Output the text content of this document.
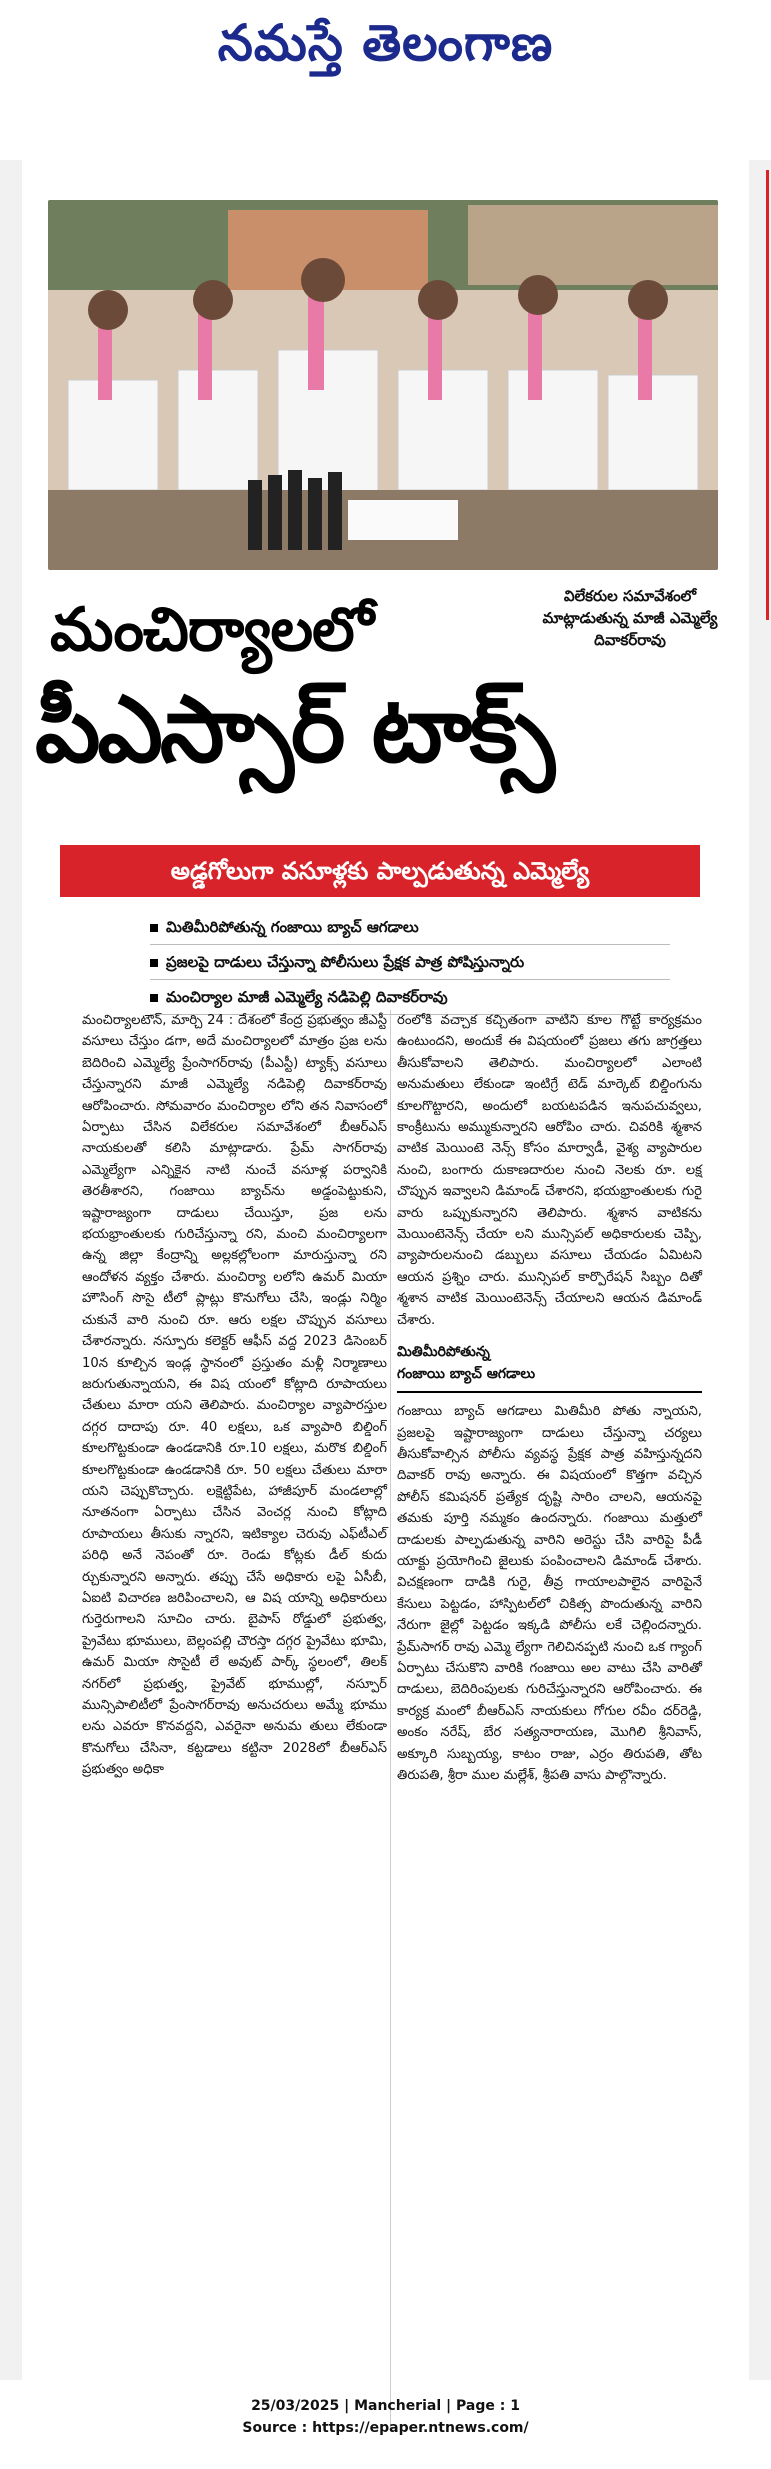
నమస్తే తెలంగాణ
విలేకరుల సమావేశంలో మాట్లాడుతున్న మాజీ ఎమ్మెల్యే దివాకర్‌రావు
మంచిర్యాలలో
పీఎస్సార్ టాక్స్
అడ్డగోలుగా వసూళ్లకు పాల్పడుతున్న ఎమ్మెల్యే
మితిమీరిపోతున్న గంజాయి బ్యాచ్ ఆగడాలు
ప్రజలపై దాడులు చేస్తున్నా పోలీసులు ప్రేక్షక పాత్ర పోషిస్తున్నారు
మంచిర్యాల మాజీ ఎమ్మెల్యే నడిపెల్లి దివాకర్‌రావు

మంచిర్యాలటౌన్, మార్చి 24 : దేశంలో కేంద్ర ప్రభుత్వం జీఎస్టీ వసూలు చేస్తుం డగా, అదే మంచిర్యాలలో మాత్రం ప్రజ లను బెదిరించి ఎమ్మెల్యే ప్రేంసాగర్‌రావు (పీఎస్టీ) ట్యాక్స్ వసూలు చేస్తున్నారని మాజీ ఎమ్మెల్యే నడిపెల్లి దివాకర్‌రావు ఆరోపించారు. సోమవారం మంచిర్యాల లోని తన నివాసంలో ఏర్పాటు చేసిన విలేకరుల సమావేశంలో బీఆర్‌ఎస్ నాయకులతో కలిసి మాట్లాడారు. ప్రేమ్ సాగర్‌రావు ఎమ్మెల్యేగా ఎన్నికైన నాటి నుంచే వసూళ్ల పర్వానికి తెరతీశారని, గంజాయి బ్యాచ్‌ను అడ్డంపెట్టుకుని, ఇష్టారాజ్యంగా దాడులు చేయిస్తూ, ప్రజ లను భయభ్రాంతులకు గురిచేస్తున్నా రని, మంచి మంచిర్యాలగా ఉన్న జిల్లా కేంద్రాన్ని అల్లకల్లోలంగా మారుస్తున్నా రని ఆందోళన వ్యక్తం చేశారు. మంచిర్యా లలోని ఉమర్ మియా హౌసింగ్ సొసై టీలో ప్లాట్లు కొనుగోలు చేసి, ఇండ్లు నిర్మిం చుకునే వారి నుంచి రూ. ఆరు లక్షల చొప్పున వసూలు చేశారన్నారు. నస్పూరు కలెక్టర్ ఆఫీస్ వద్ద 2023 డిసెంబర్ 10న కూల్చిన ఇండ్ల స్థానంలో ప్రస్తుతం మళ్లీ నిర్మాణాలు జరుగుతున్నాయని, ఈ విష యంలో కోట్లాది రూపాయలు చేతులు మారా యని తెలిపారు. మంచిర్యాల వ్యాపారస్తుల దగ్గర దాదాపు రూ. 40 లక్షలు, ఒక వ్యాపారి బిల్డింగ్ కూలగొట్టకుండా ఉండడానికి రూ.10 లక్షలు, మరొక బిల్డింగ్ కూలగొట్టకుండా ఉండడానికి రూ. 50 లక్షలు చేతులు మారా యని చెప్పుకొచ్చారు. లక్షెట్టిపేట, హాజీపూర్ మండలాల్లో నూతనంగా ఏర్పాటు చేసిన వెంచర్ల నుంచి కోట్లాది రూపాయలు తీసుకు న్నారని, ఇటిక్యాల చెరువు ఎఫ్‌టీఎల్ పరిధి అనే నెపంతో రూ. రెండు కోట్లకు డీల్ కుదు ర్చుకున్నారని అన్నారు. తప్పు చేసే అధికారు లపై ఏసీబీ, ఏఐటి విచారణ జరిపించాలని, ఆ విష యాన్ని అధికారులు గుర్తెరుగాలని సూచిం చారు. బైపాస్ రోడ్డులో ప్రభుత్వ, ప్రైవేటు భూములు, బెల్లంపల్లి చౌరస్తా దగ్గర ప్రైవేటు భూమి, ఉమర్ మియా సొసైటీ లే అవుట్ పార్క్ స్థలంలో, తిలక్ నగర్‌లో ప్రభుత్వ, ప్రైవేట్ భూముల్లో, నస్పూర్ మున్సిపాలిటీలో ప్రేంసాగర్‌రావు అనుచరులు అమ్మే భూము లను ఎవరూ కొనవద్దని, ఎవరైనా అనుమ తులు లేకుండా కొనుగోలు చేసినా, కట్టడాలు కట్టినా 2028లో బీఆర్‌ఎస్ ప్రభుత్వం అధికా

రంలోకి వచ్చాక కచ్చితంగా వాటిని కూల గొట్టే కార్యక్రమం ఉంటుందని, అందుకే ఈ విషయంలో ప్రజలు తగు జాగ్రత్తలు తీసుకోవాలని తెలిపారు. మంచిర్యాలలో ఎలాంటి అనుమతులు లేకుండా ఇంటిగ్రే టెడ్ మార్కెట్ బిల్డింగును కూలగొట్టారని, అందులో బయటపడిన ఇనుపచువ్వలు, కాంక్రీటును అమ్ముకున్నారని ఆరోపిం చారు. చివరికి శ్మశాన వాటిక మెయింటె నెన్స్ కోసం మార్వాడీ, వైశ్య వ్యాపారుల నుంచి, బంగారు దుకాణదారుల నుంచి నెలకు రూ. లక్ష చొప్పున ఇవ్వాలని డిమాండ్ చేశారని, భయభ్రాంతులకు గురై వారు ఒప్పుకున్నారని తెలిపారు. శ్మశాన వాటికను మెయింటెనెన్స్ చేయా లని మున్సిపల్ అధికారులకు చెప్పి, వ్యాపారులనుంచి డబ్బులు వసూలు చేయడం ఏమిటని ఆయన ప్రశ్నిం చారు. మున్సిపల్ కార్పొరేషన్ సిబ్బం దితో శ్మశాన వాటిక మెయింటెనెన్స్ చేయాలని ఆయన డిమాండ్ చేశారు.

మితిమీరిపోతున్న
గంజాయి బ్యాచ్ ఆగడాలు

గంజాయి బ్యాచ్ ఆగడాలు మితిమీరి పోతు న్నాయని, ప్రజలపై ఇష్టారాజ్యంగా దాడులు చేస్తున్నా చర్యలు తీసుకోవాల్సిన పోలీసు వ్యవస్థ ప్రేక్షక పాత్ర వహిస్తున్నదని దివాకర్ రావు అన్నారు. ఈ విషయంలో కొత్తగా వచ్చిన పోలీస్ కమిషనర్ ప్రత్యేక దృష్టి సారిం చాలని, ఆయనపై తమకు పూర్తి నమ్మకం ఉందన్నారు. గంజాయి మత్తులో దాడులకు పాల్పడుతున్న వారిని అరెస్టు చేసి వారిపై పీడీ యాక్టు ప్రయోగించి జైలుకు పంపించాలని డిమాండ్ చేశారు. విచక్షణంగా దాడికి గురై, తీవ్ర గాయాలపాలైన వారిపైనే కేసులు పెట్టడం, హాస్పిటల్‌లో చికిత్స పొందుతున్న వారిని నేరుగా జైల్లో పెట్టడం ఇక్కడి పోలీసు లకే చెల్లిందన్నారు. ప్రేమ్‌సాగర్ రావు ఎమ్మె ల్యేగా గెలిచినప్పటి నుంచి ఒక గ్యాంగ్ ఏర్పాటు చేసుకొని వారికి గంజాయి అల వాటు చేసి వారితో దాడులు, బెదిరింపులకు గురిచేస్తున్నారని ఆరోపించారు. ఈ కార్యక్ర మంలో బీఆర్‌ఎస్ నాయకులు గోగుల రవీం దర్‌రెడ్డి, అంకం నరేష్, బేర సత్యనారాయణ, మొగిలి శ్రీనివాస్, అక్కూరి సుబ్బయ్య, కాటం రాజు, ఎర్రం తిరుపతి, తోట తిరుపతి, శ్రీరా ముల మల్లేశ్, శ్రీపతి వాసు పాల్గొన్నారు.

25/03/2025 | Mancherial | Page : 1
Source : https://epaper.ntnews.com/
